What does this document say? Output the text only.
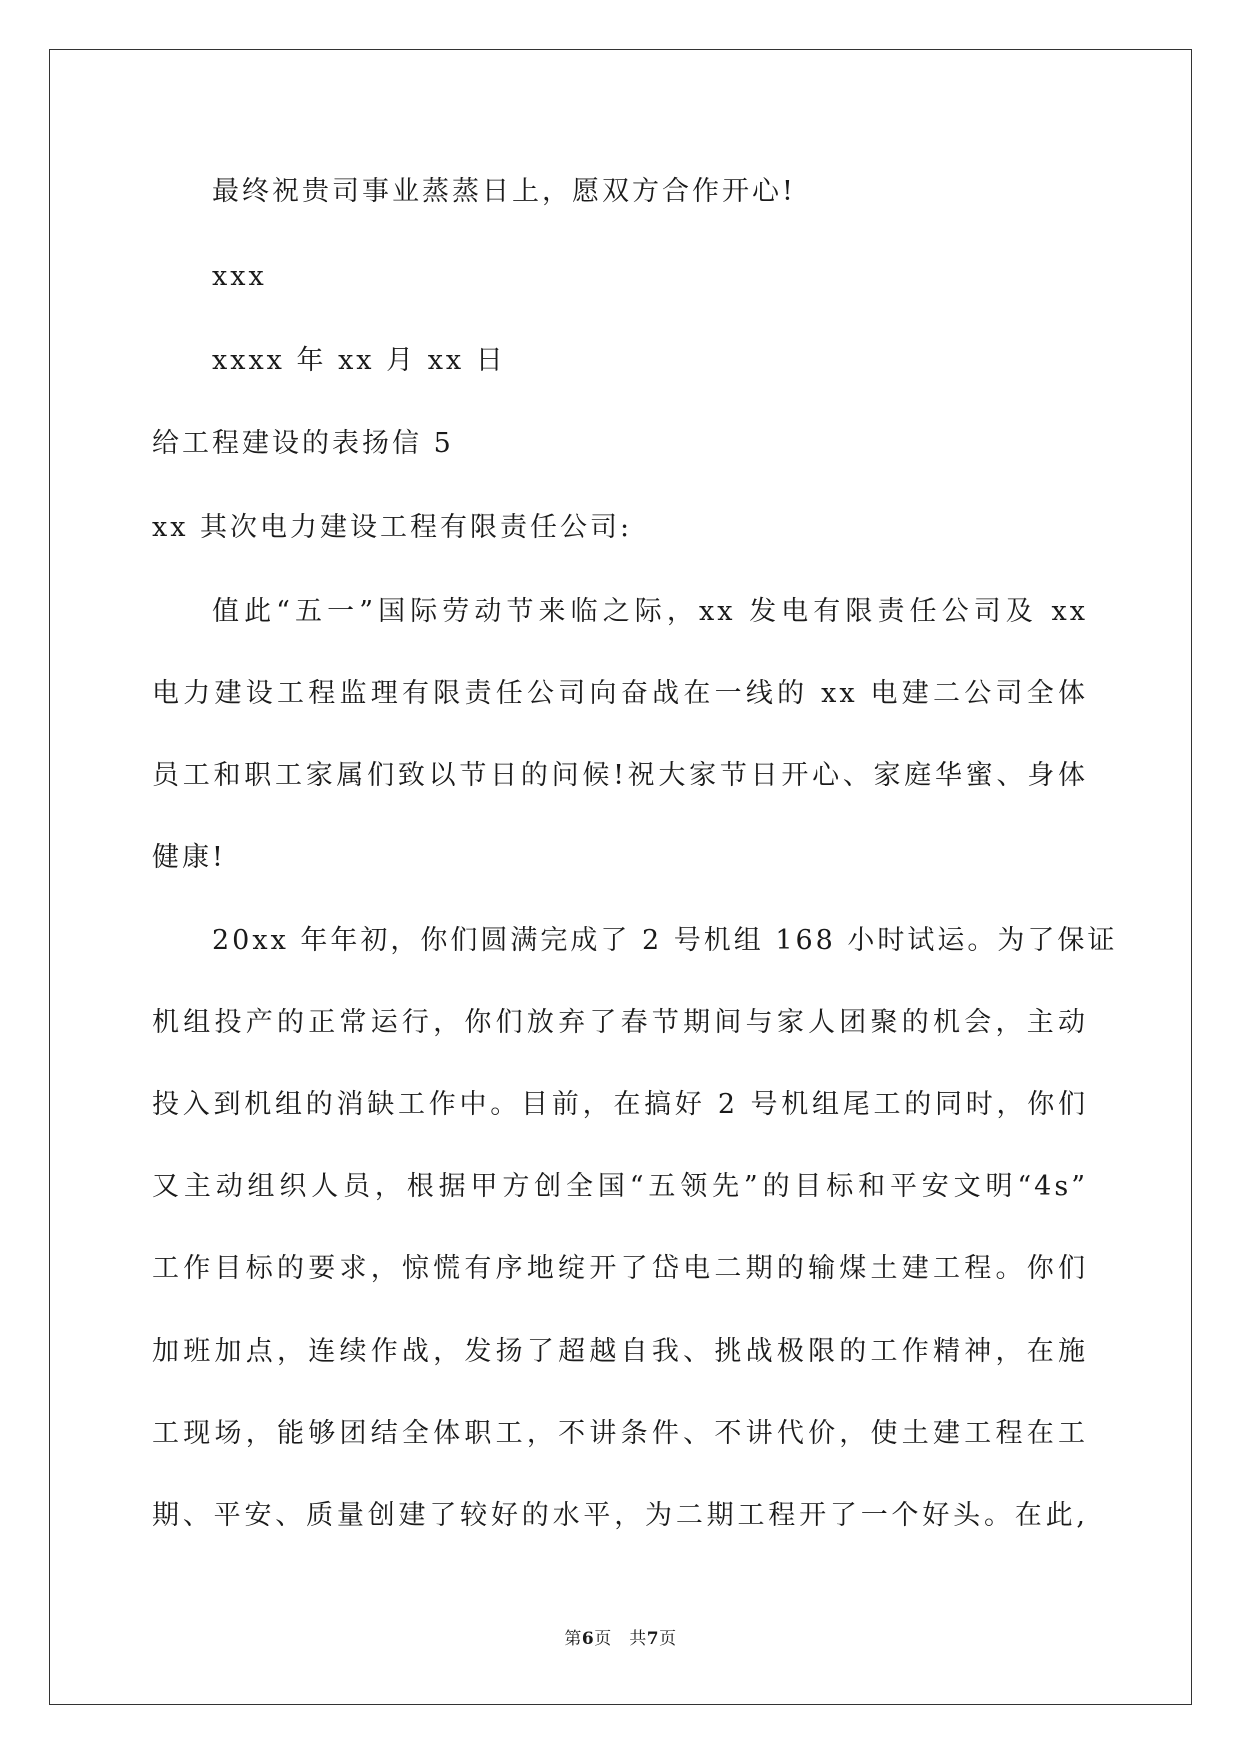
最终祝贵司事业蒸蒸日上，愿双方合作开心!
xxx
xxxx 年 xx 月 xx 日
给工程建设的表扬信 5
xx 其次电力建设工程有限责任公司:
值此“五一”国际劳动节来临之际，xx 发电有限责任公司及 xx
电力建设工程监理有限责任公司向奋战在一线的 xx 电建二公司全体
员工和职工家属们致以节日的问候!祝大家节日开心、家庭华蜜、身体
健康!
20xx 年年初，你们圆满完成了 2 号机组 168 小时试运。为了保证
机组投产的正常运行，你们放弃了春节期间与家人团聚的机会，主动
投入到机组的消缺工作中。目前，在搞好 2 号机组尾工的同时，你们
又主动组织人员，根据甲方创全国“五领先”的目标和平安文明“4s”
工作目标的要求，惊慌有序地绽开了岱电二期的输煤土建工程。你们
加班加点，连续作战，发扬了超越自我、挑战极限的工作精神，在施
工现场，能够团结全体职工，不讲条件、不讲代价，使土建工程在工
期、平安、质量创建了较好的水平，为二期工程开了一个好头。在此,
第6页　共7页
